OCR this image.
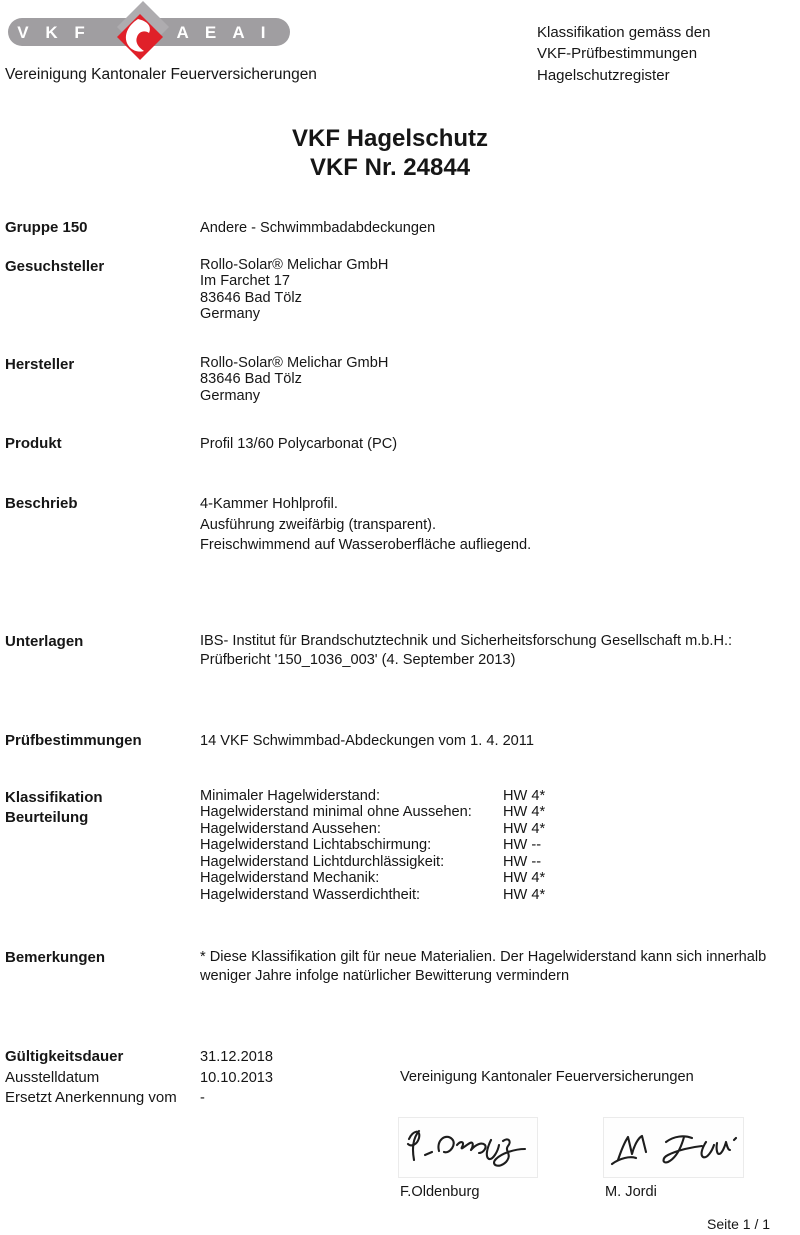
V K F	A E A I
Vereinigung Kantonaler Feuerversicherungen
Klassifikation gemäss den
VKF-Prüfbestimmungen
Hagelschutzregister
VKF Hagelschutz
VKF Nr. 24844
Gruppe 150	Andere - Schwimmbadabdeckungen
Gesuchsteller	Rollo-Solar® Melichar GmbH
Im Farchet 17
83646 Bad Tölz
Germany
Hersteller	Rollo-Solar® Melichar GmbH
83646 Bad Tölz
Germany
Produkt	Profil 13/60 Polycarbonat (PC)
Beschrieb	4-Kammer Hohlprofil.
Ausführung zweifärbig (transparent).
Freischwimmend auf Wasseroberfläche aufliegend.
Unterlagen	IBS- Institut für Brandschutztechnik und Sicherheitsforschung Gesellschaft m.b.H.:
Prüfbericht '150_1036_003' (4. September 2013)
Prüfbestimmungen	14 VKF Schwimmbad-Abdeckungen vom 1. 4. 2011
Klassifikation
Beurteilung
Minimaler Hagelwiderstand:	HW 4*
Hagelwiderstand minimal ohne Aussehen:	HW 4*
Hagelwiderstand Aussehen:	HW 4*
Hagelwiderstand Lichtabschirmung:	HW --
Hagelwiderstand Lichtdurchlässigkeit:	HW --
Hagelwiderstand Mechanik:	HW 4*
Hagelwiderstand Wasserdichtheit:	HW 4*
Bemerkungen	* Diese Klassifikation gilt für neue Materialien. Der Hagelwiderstand kann sich innerhalb
weniger Jahre infolge natürlicher Bewitterung vermindern
Gültigkeitsdauer	31.12.2018
Ausstelldatum	10.10.2013
Ersetzt Anerkennung vom	-
Vereinigung Kantonaler Feuerversicherungen
F.Oldenburg	M. Jordi
Seite 1 / 1
